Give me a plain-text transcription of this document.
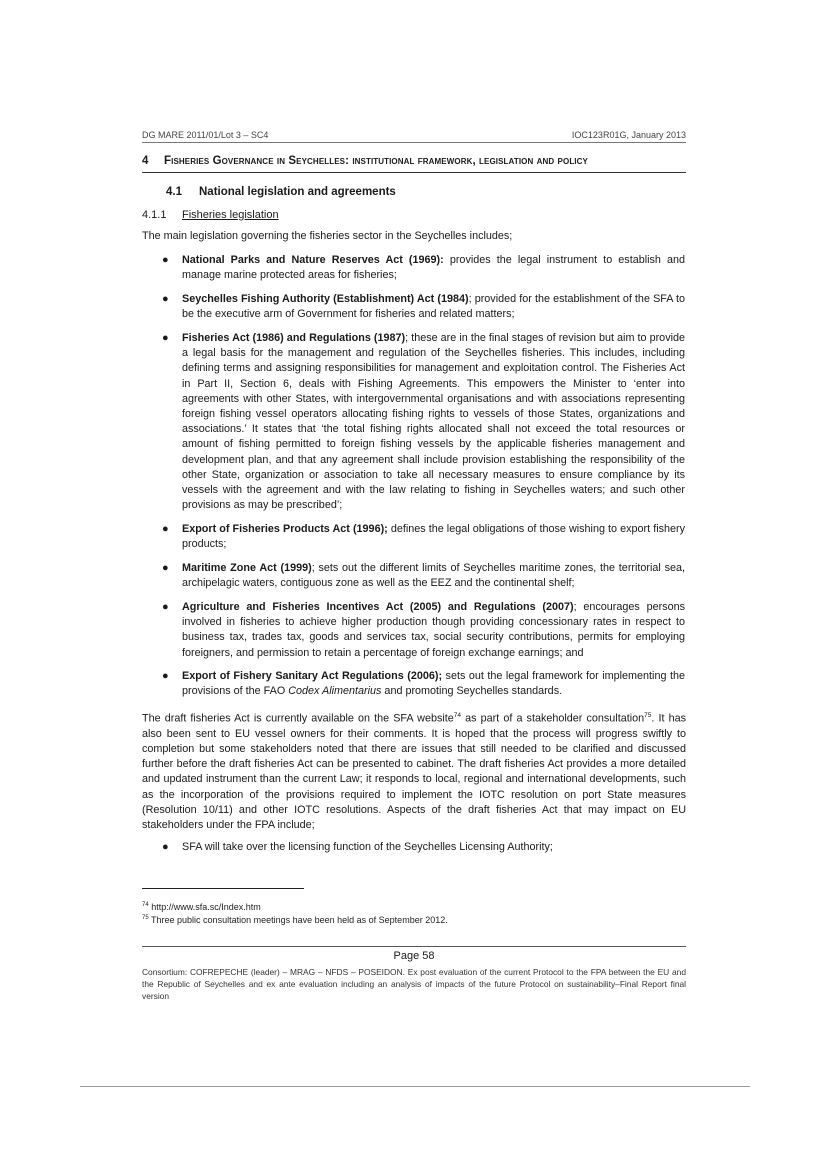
DG MARE 2011/01/Lot 3 – SC4	IOC123R01G, January 2013
4 Fisheries Governance in Seychelles: institutional framework, legislation and policy
4.1 National legislation and agreements
4.1.1 Fisheries legislation

The main legislation governing the fisheries sector in the Seychelles includes;

● National Parks and Nature Reserves Act (1969): provides the legal instrument to establish and manage marine protected areas for fisheries;

● Seychelles Fishing Authority (Establishment) Act (1984); provided for the establishment of the SFA to be the executive arm of Government for fisheries and related matters;

● Fisheries Act (1986) and Regulations (1987); these are in the final stages of revision but aim to provide a legal basis for the management and regulation of the Seychelles fisheries. This includes, including defining terms and assigning responsibilities for management and exploitation control. The Fisheries Act in Part II, Section 6, deals with Fishing Agreements. This empowers the Minister to ‘enter into agreements with other States, with intergovernmental organisations and with associations representing foreign fishing vessel operators allocating fishing rights to vessels of those States, organizations and associations.’ It states that ‘the total fishing rights allocated shall not exceed the total resources or amount of fishing permitted to foreign fishing vessels by the applicable fisheries management and development plan, and that any agreement shall include provision establishing the responsibility of the other State, organization or association to take all necessary measures to ensure compliance by its vessels with the agreement and with the law relating to fishing in Seychelles waters; and such other provisions as may be prescribed’;

● Export of Fisheries Products Act (1996); defines the legal obligations of those wishing to export fishery products;

● Maritime Zone Act (1999); sets out the different limits of Seychelles maritime zones, the territorial sea, archipelagic waters, contiguous zone as well as the EEZ and the continental shelf;

● Agriculture and Fisheries Incentives Act (2005) and Regulations (2007); encourages persons involved in fisheries to achieve higher production though providing concessionary rates in respect to business tax, trades tax, goods and services tax, social security contributions, permits for employing foreigners, and permission to retain a percentage of foreign exchange earnings; and

● Export of Fishery Sanitary Act Regulations (2006); sets out the legal framework for implementing the provisions of the FAO Codex Alimentarius and promoting Seychelles standards.

The draft fisheries Act is currently available on the SFA website$^{74}$ as part of a stakeholder consultation$^{75}$. It has also been sent to EU vessel owners for their comments. It is hoped that the process will progress swiftly to completion but some stakeholders noted that there are issues that still needed to be clarified and discussed further before the draft fisheries Act can be presented to cabinet. The draft fisheries Act provides a more detailed and updated instrument than the current Law; it responds to local, regional and international developments, such as the incorporation of the provisions required to implement the IOTC resolution on port State measures (Resolution 10/11) and other IOTC resolutions. Aspects of the draft fisheries Act that may impact on EU stakeholders under the FPA include;

● SFA will take over the licensing function of the Seychelles Licensing Authority;

$^{74}$ http://www.sfa.sc/Index.htm
$^{75}$ Three public consultation meetings have been held as of September 2012.
Page 58
Consortium: COFREPECHE (leader) – MRAG – NFDS – POSEIDON. Ex post evaluation of the current Protocol to the FPA between the EU and the Republic of Seychelles and ex ante evaluation including an analysis of impacts of the future Protocol on sustainability–Final Report final version
